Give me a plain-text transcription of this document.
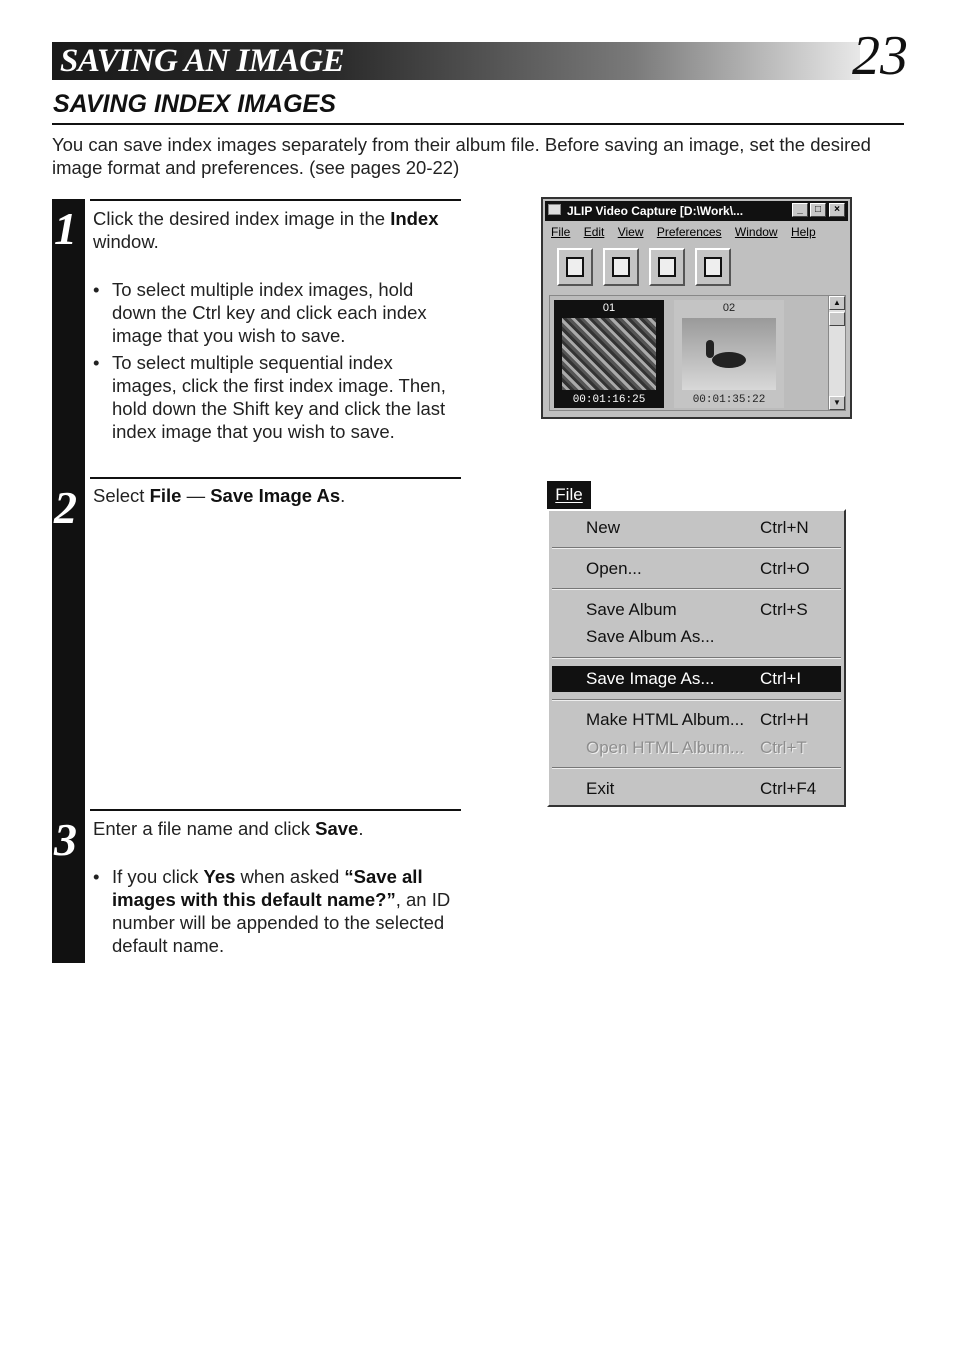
SAVING AN IMAGE	23
SAVING INDEX IMAGES
You can save index images separately from their album file. Before saving an image, set the desired image format and preferences. (see pages 20-22)
1
2
3
Click the desired index image in the Index window.
• To select multiple index images, hold down the Ctrl key and click each index image that you wish to save.
• To select multiple sequential index images, click the first index image. Then, hold down the Shift key and click the last index image that you wish to save.
Select File — Save Image As.
Enter a file name and click Save.
• If you click Yes when asked “Save all images with this default name?”, an ID number will be appended to the selected default name.
JLIP Video Capture [D:\Work\...	_	□	×
File Edit View Preferences Window Help
01
00:01:16:25
02
00:01:35:22
▲
▼
File
New	Ctrl+N
Open...	Ctrl+O
Save Album	Ctrl+S
Save Album As...
Save Image As...	Ctrl+I
Make HTML Album... Ctrl+H
Open HTML Album... Ctrl+T
Exit	Ctrl+F4
